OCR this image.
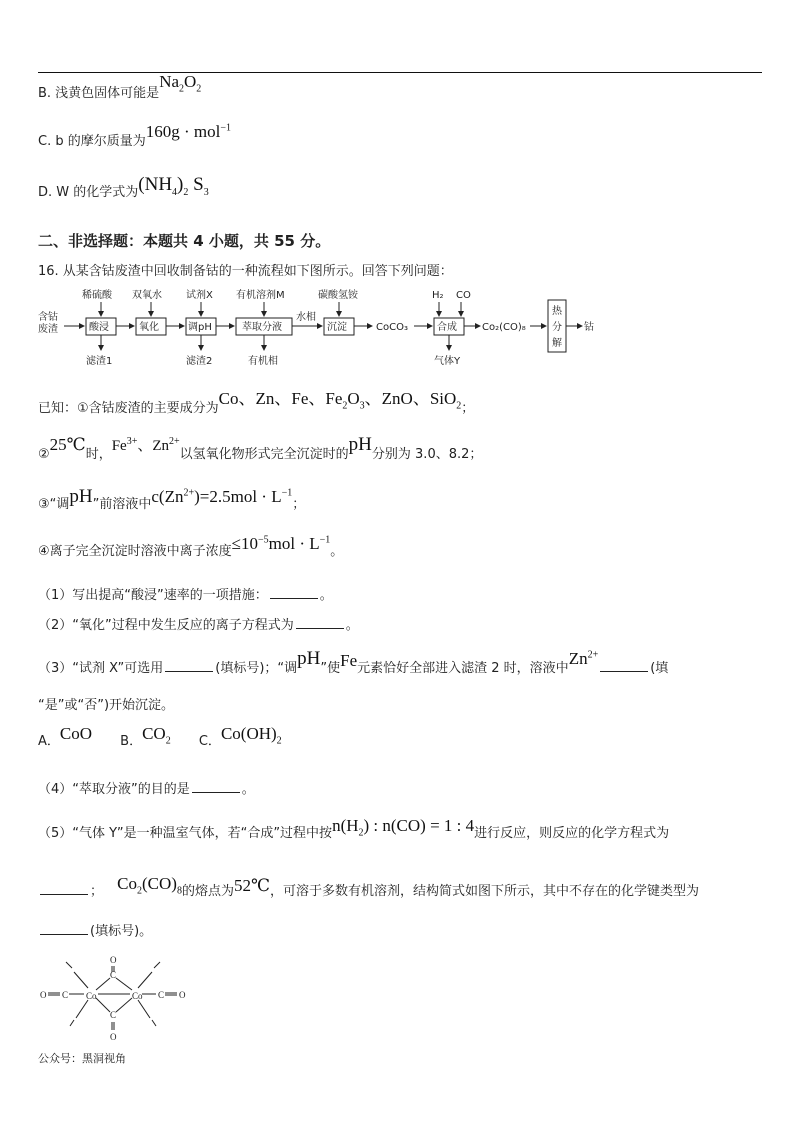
B. 浅黄色固体可能是$Na_2O_2$
C. b 的摩尔质量为160g · mol$^{-1}$
D. W 的化学式为$(NH_4)_2$ $S_3$
二、非选择题：本题共 4 小题，共 55 分。
16. 从某含钴废渣中回收制备钴的一种流程如下图所示。回答下列问题：
含钴
废渣	酸浸
稀硫酸
滤渣1
氧化
双氧水
调pH
试剂X
滤渣2
萃取分液
有机溶剂M
有机相
水相
沉淀
碳酸氢铵
CoCO₃	合成
H₂ CO
气体Y
Co₂(CO)₈
热
分
解
钴
已知：①含钴废渣的主要成分为Co、Zn、Fe、$Fe_2O_3$、ZnO、SiO$_2$；
②25℃时，$Fe^{3+}$、$Zn^{2+}$以氢氧化物形式完全沉淀时的pH分别为 3.0、8.2；
③“调pH”前溶液中$c(Zn^{2+})=2.5mol \cdot L^{-1}$；
④离子完全沉淀时溶液中离子浓度$\le 10^{-5}mol \cdot L^{-1}$。
（1）写出提高“酸浸”速率的一项措施：	。
（2）“氧化”过程中发生反应的离子方程式为	。
（3）“试剂 X”可选用	(填标号)；“调pH”使Fe元素恰好全部进入滤渣 2 时，溶液中$Zn^{2+}$(填
“是”或“否”)开始沉淀。
A．CoO B．$CO_2$ C．$Co(OH)_2$
（4）“萃取分液”的目的是	。
（5）“气体 Y”是一种温室气体，若“合成”过程中按$n(H_2)$ : n(CO) = 1 : 4进行反应，则反应的化学方程式为
； $Co_2(CO)_8$的熔点为52℃，可溶于多数有机溶剂，结构简式如图下所示，其中不存在的化学键类型为
(填标号)。
Co	Co
C
O
C
O
O C	C O
公众号：黑洞视角
